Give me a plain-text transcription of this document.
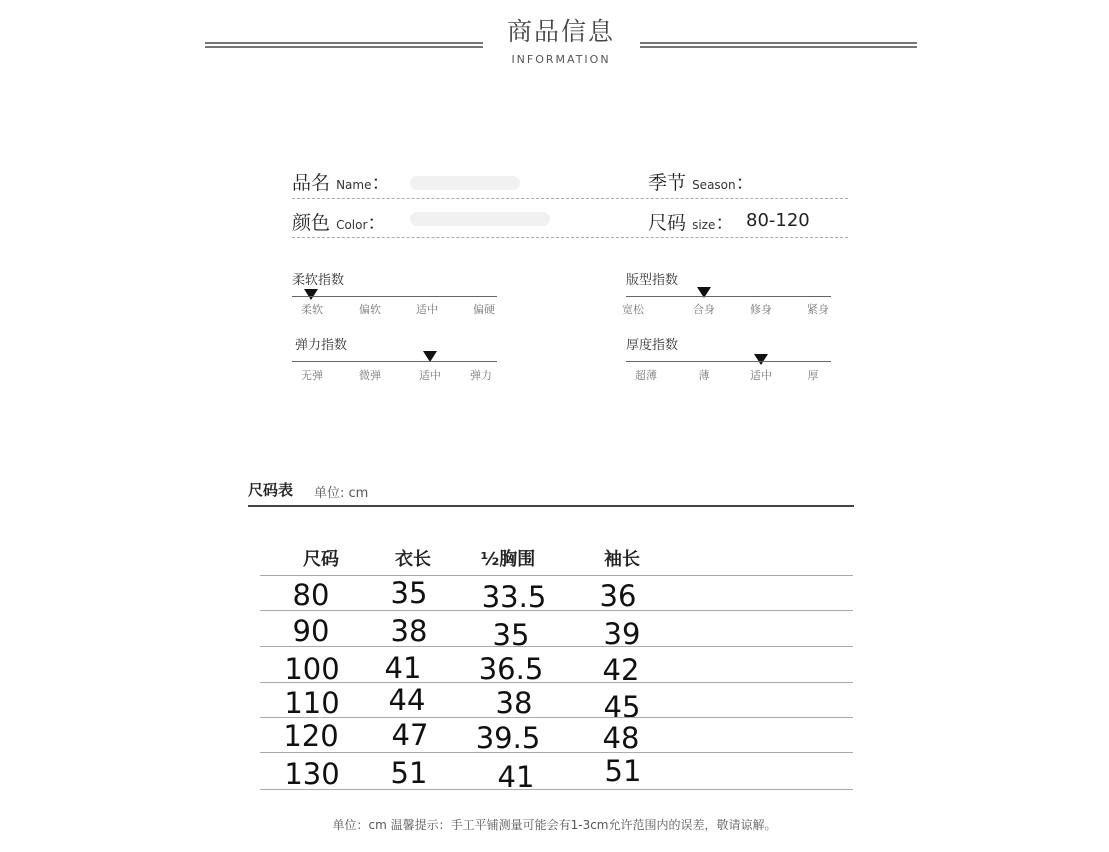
商品信息
INFORMATION
品名 Name：	季节 Season：
颜色 Color：	尺码 size： 80-120
柔软指数
柔软	偏软	适中	偏硬
版型指数
宽松	合身	修身	紧身
弹力指数
无弹	微弹	适中	弹力
厚度指数
超薄	薄	适中	厚
尺码表 单位: cm
尺码	衣长	½胸围	袖长
80	35	33.5	36
90	38	35	39
100	41	36.5	42
110	44	38	45
120	47	39.5	48
130	51	41	51
单位：cm 温馨提示：手工平铺测量可能会有1-3cm允许范围内的误差，敬请谅解。
